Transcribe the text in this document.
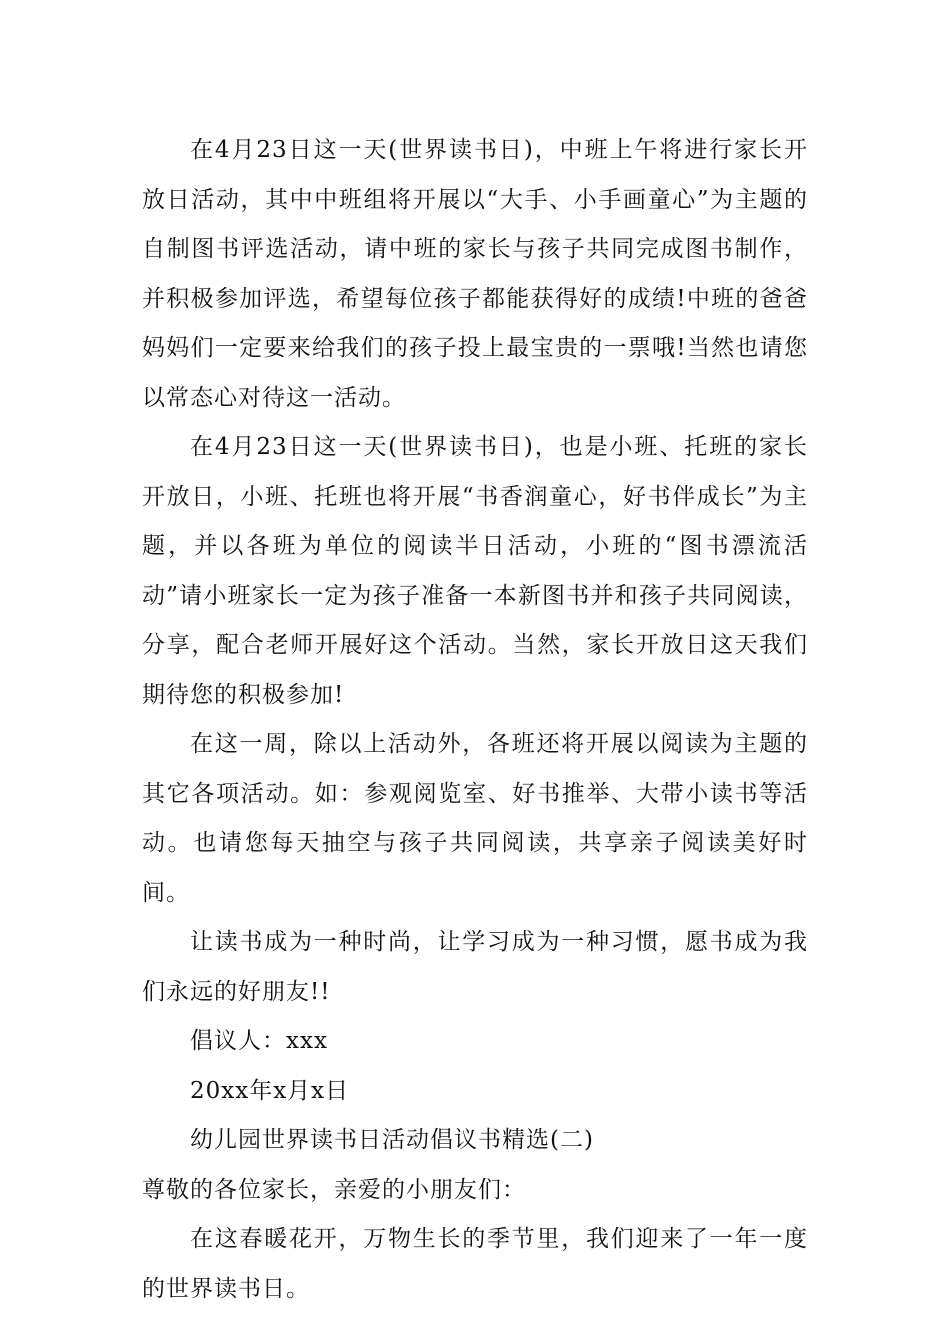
在4月23日这一天(世界读书日)，中班上午将进行家长开放日活动，其中中班组将开展以“大手、小手画童心”为主题的自制图书评选活动，请中班的家长与孩子共同完成图书制作，并积极参加评选，希望每位孩子都能获得好的成绩!中班的爸爸妈妈们一定要来给我们的孩子投上最宝贵的一票哦!当然也请您以常态心对待这一活动。

在4月23日这一天(世界读书日)，也是小班、托班的家长开放日，小班、托班也将开展“书香润童心，好书伴成长”为主题，并以各班为单位的阅读半日活动，小班的“图书漂流活动”请小班家长一定为孩子准备一本新图书并和孩子共同阅读，分享，配合老师开展好这个活动。当然，家长开放日这天我们期待您的积极参加!

在这一周，除以上活动外，各班还将开展以阅读为主题的其它各项活动。如：参观阅览室、好书推举、大带小读书等活动。也请您每天抽空与孩子共同阅读，共享亲子阅读美好时间。

让读书成为一种时尚，让学习成为一种习惯，愿书成为我们永远的好朋友!!

倡议人：xxx

20xx年x月x日

幼儿园世界读书日活动倡议书精选(二)

尊敬的各位家长，亲爱的小朋友们：

在这春暖花开，万物生长的季节里，我们迎来了一年一度的世界读书日。
